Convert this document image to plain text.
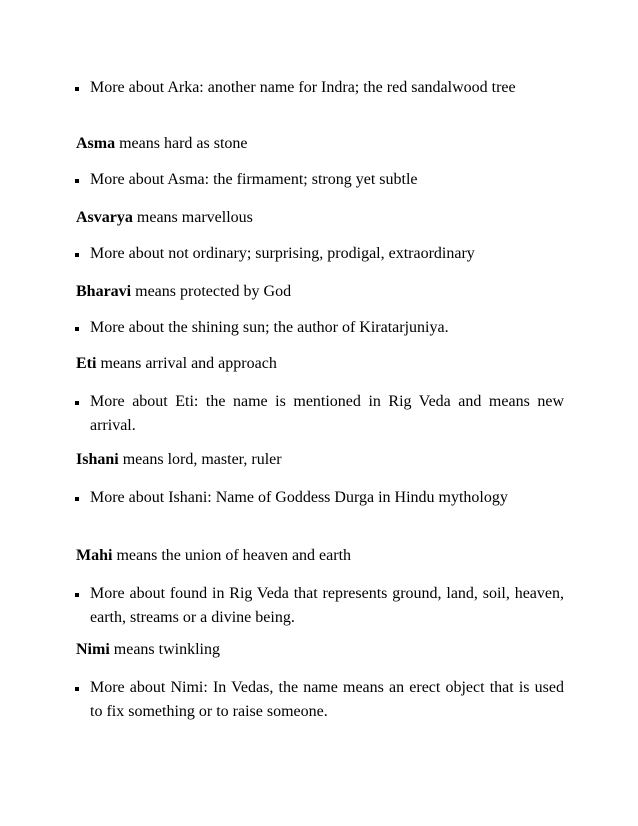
More about Arka: another name for Indra; the red sandalwood tree
Asma means hard as stone
More about Asma: the firmament; strong yet subtle
Asvarya means marvellous
More about not ordinary; surprising, prodigal, extraordinary
Bharavi means protected by God
More about the shining sun; the author of Kiratarjuniya.
Eti means arrival and approach
More about Eti: the name is mentioned in Rig Veda and means new arrival.
Ishani means lord, master, ruler
More about Ishani: Name of Goddess Durga in Hindu mythology
Mahi means the union of heaven and earth
More about found in Rig Veda that represents ground, land, soil, heaven, earth, streams or a divine being.
Nimi means twinkling
More about Nimi: In Vedas, the name means an erect object that is used to fix something or to raise someone.
